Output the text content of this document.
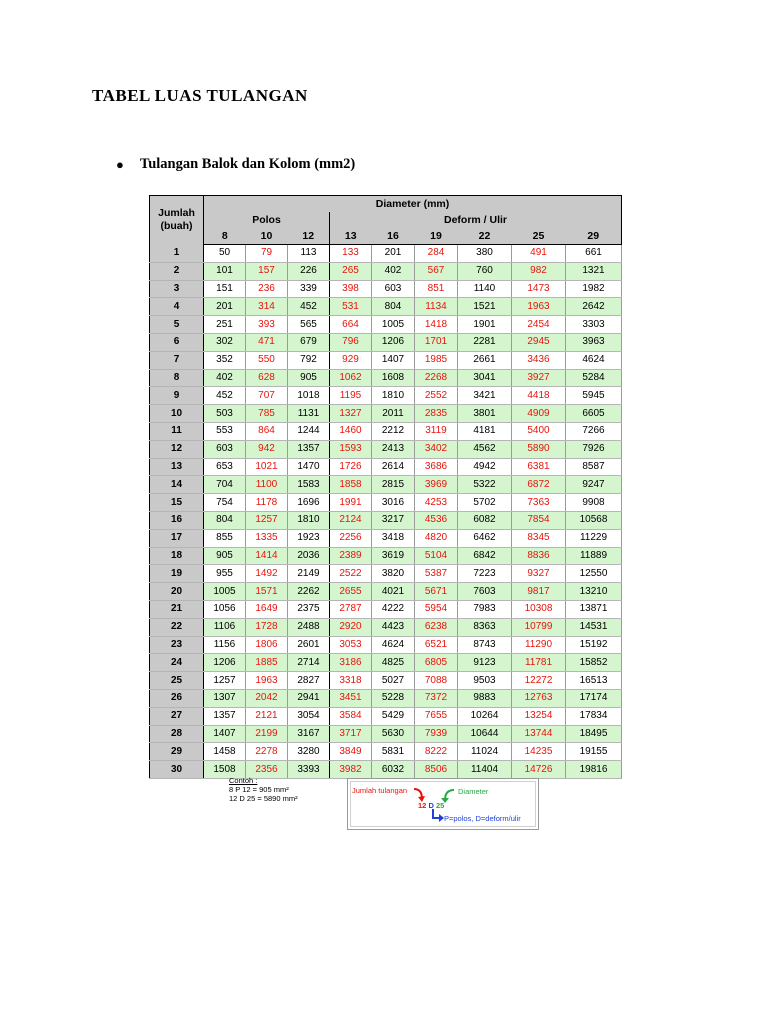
TABEL LUAS TULANGAN
● Tulangan Balok dan Kolom (mm2)
Jumlah
(buah)	Diameter (mm)								
	Polos			Deform / Ulir					
	8	10	12	13	16	19	22	25	29
1	50	79	113	133	201	284	380	491	661
2	101	157	226	265	402	567	760	982	1321
3	151	236	339	398	603	851	1140	1473	1982
4	201	314	452	531	804	1134	1521	1963	2642
5	251	393	565	664	1005	1418	1901	2454	3303
6	302	471	679	796	1206	1701	2281	2945	3963
7	352	550	792	929	1407	1985	2661	3436	4624
8	402	628	905	1062	1608	2268	3041	3927	5284
9	452	707	1018	1195	1810	2552	3421	4418	5945
10	503	785	1131	1327	2011	2835	3801	4909	6605
11	553	864	1244	1460	2212	3119	4181	5400	7266
12	603	942	1357	1593	2413	3402	4562	5890	7926
13	653	1021	1470	1726	2614	3686	4942	6381	8587
14	704	1100	1583	1858	2815	3969	5322	6872	9247
15	754	1178	1696	1991	3016	4253	5702	7363	9908
16	804	1257	1810	2124	3217	4536	6082	7854	10568
17	855	1335	1923	2256	3418	4820	6462	8345	11229
18	905	1414	2036	2389	3619	5104	6842	8836	11889
19	955	1492	2149	2522	3820	5387	7223	9327	12550
20	1005	1571	2262	2655	4021	5671	7603	9817	13210
21	1056	1649	2375	2787	4222	5954	7983	10308	13871
22	1106	1728	2488	2920	4423	6238	8363	10799	14531
23	1156	1806	2601	3053	4624	6521	8743	11290	15192
24	1206	1885	2714	3186	4825	6805	9123	11781	15852
25	1257	1963	2827	3318	5027	7088	9503	12272	16513
26	1307	2042	2941	3451	5228	7372	9883	12763	17174
27	1357	2121	3054	3584	5429	7655	10264	13254	17834
28	1407	2199	3167	3717	5630	7939	10644	13744	18495
29	1458	2278	3280	3849	5831	8222	11024	14235	19155
30	1508	2356	3393	3982	6032	8506	11404	14726	19816
Contoh :
8 P 12 = 905 mm²
12 D 25 = 5890 mm²
Jumlah tulangan	Diameter
12 D 25
P=polos, D=deform/ulir
